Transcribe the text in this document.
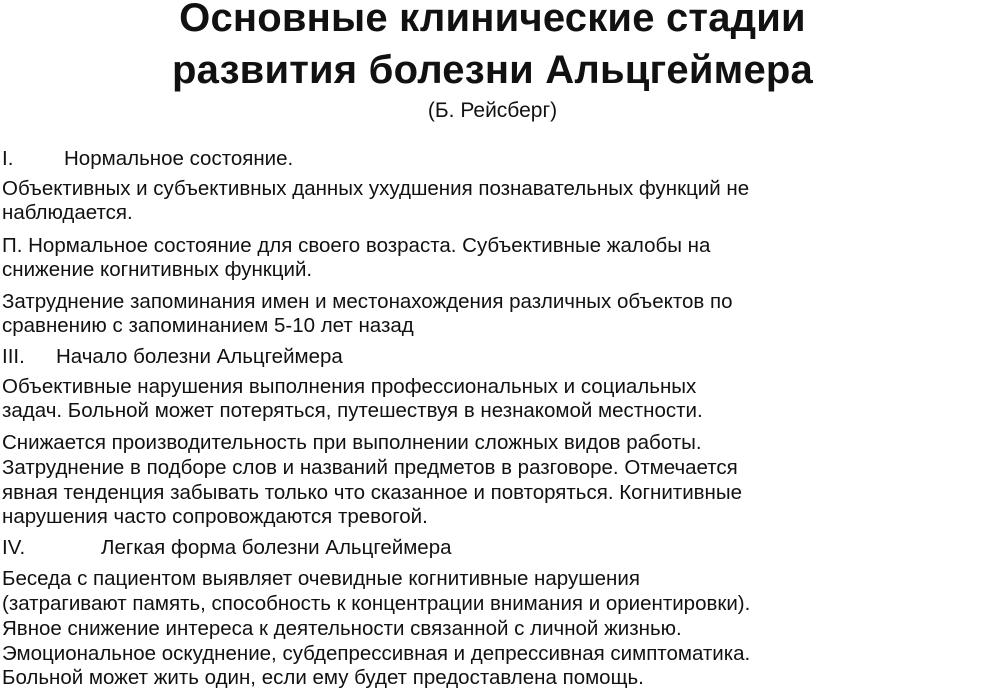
Основные клинические стадии
развития болезни Альцгеймера
(Б. Рейсберг)
I. Нормальное состояние.
Объективных и субъективных данных ухудшения познавательных функций не
наблюдается.
П. Нормальное состояние для своего возраста. Субъективные жалобы на
снижение когнитивных функций.
Затруднение запоминания имен и местонахождения различных объектов по
сравнению с запоминанием 5-10 лет назад
III. Начало болезни Альцгеймера
Объективные нарушения выполнения профессиональных и социальных
задач. Больной может потеряться, путешествуя в незнакомой местности.
Снижается производительность при выполнении сложных видов работы.
Затруднение в подборе слов и названий предметов в разговоре. Отмечается
явная тенденция забывать только что сказанное и повторяться. Когнитивные
нарушения часто сопровождаются тревогой.
IV.	Легкая форма болезни Альцгеймера
Беседа с пациентом выявляет очевидные когнитивные нарушения
(затрагивают память, способность к концентрации внимания и ориентировки).
Явное снижение интереса к деятельности связанной с личной жизнью.
Эмоциональное оскуднение, субдепрессивная и депрессивная симптоматика.
Больной может жить один, если ему будет предоставлена помощь.
